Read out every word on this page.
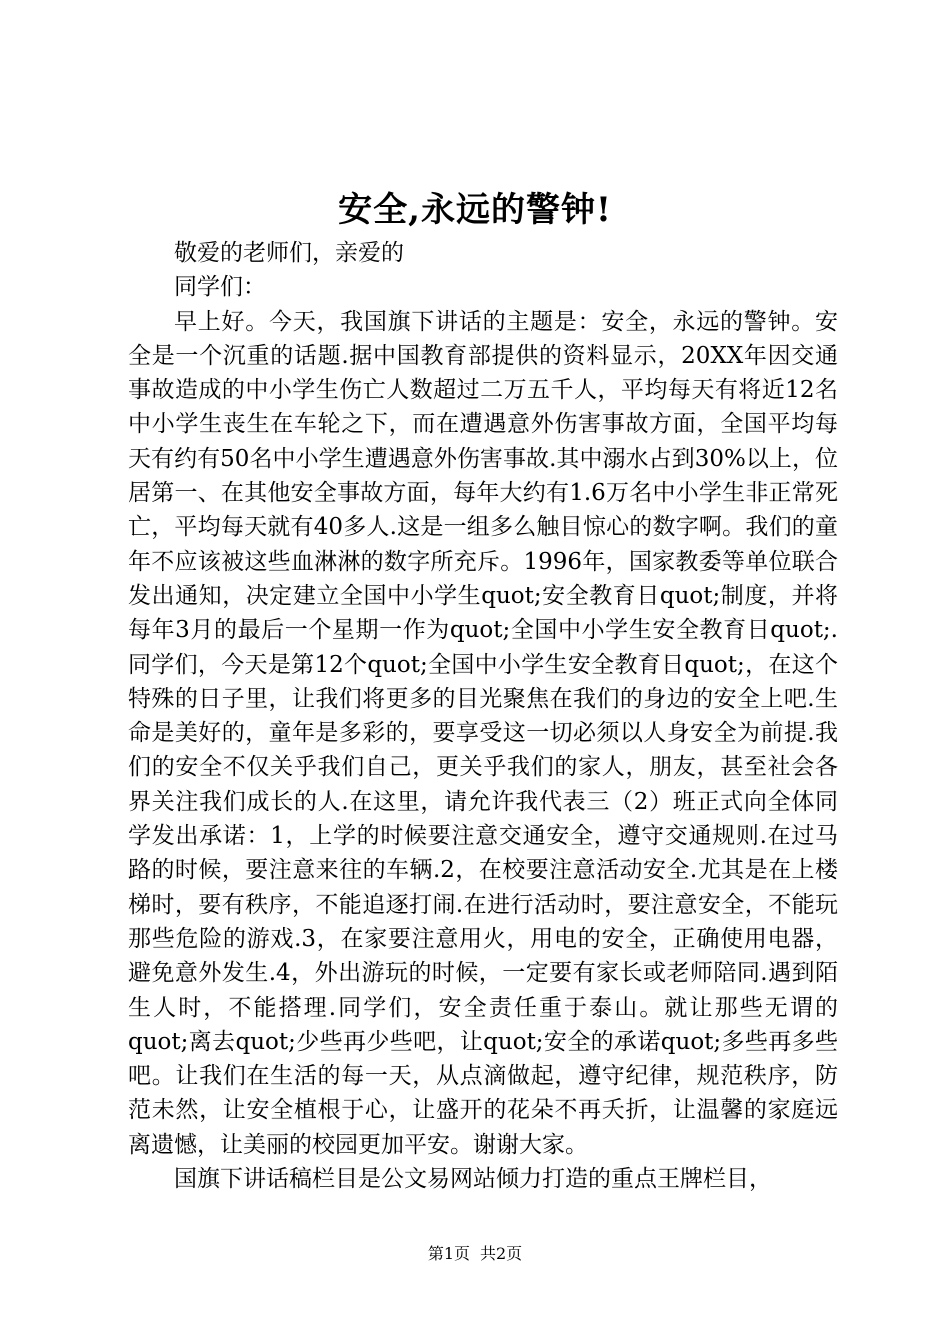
安全,永远的警钟!

敬爱的老师们，亲爱的

同学们：

早上好。今天，我国旗下讲话的主题是：安全，永远的警钟。安全是一个沉重的话题.据中国教育部提供的资料显示，20XX年因交通事故造成的中小学生伤亡人数超过二万五千人，平均每天有将近12名中小学生丧生在车轮之下，而在遭遇意外伤害事故方面，全国平均每天有约有50名中小学生遭遇意外伤害事故.其中溺水占到30%以上，位居第一、在其他安全事故方面，每年大约有1.6万名中小学生非正常死亡，平均每天就有40多人.这是一组多么触目惊心的数字啊。我们的童年不应该被这些血淋淋的数字所充斥。1996年，国家教委等单位联合发出通知，决定建立全国中小学生quot;安全教育日quot;制度，并将每年3月的最后一个星期一作为quot;全国中小学生安全教育日quot;.同学们，今天是第12个quot;全国中小学生安全教育日quot;，在这个特殊的日子里，让我们将更多的目光聚焦在我们的身边的安全上吧.生命是美好的，童年是多彩的，要享受这一切必须以人身安全为前提.我们的安全不仅关乎我们自己，更关乎我们的家人，朋友，甚至社会各界关注我们成长的人.在这里，请允许我代表三（2）班正式向全体同学发出承诺：1，上学的时候要注意交通安全，遵守交通规则.在过马路的时候，要注意来往的车辆.2，在校要注意活动安全.尤其是在上楼梯时，要有秩序，不能追逐打闹.在进行活动时，要注意安全，不能玩那些危险的游戏.3，在家要注意用火，用电的安全，正确使用电器，避免意外发生.4，外出游玩的时候，一定要有家长或老师陪同.遇到陌生人时，不能搭理.同学们，安全责任重于泰山。就让那些无谓的quot;离去quot;少些再少些吧，让quot;安全的承诺quot;多些再多些吧。让我们在生活的每一天，从点滴做起，遵守纪律，规范秩序，防范未然，让安全植根于心，让盛开的花朵不再夭折，让温馨的家庭远离遗憾，让美丽的校园更加平安。谢谢大家。

国旗下讲话稿栏目是公文易网站倾力打造的重点王牌栏目，

第1页 共2页
